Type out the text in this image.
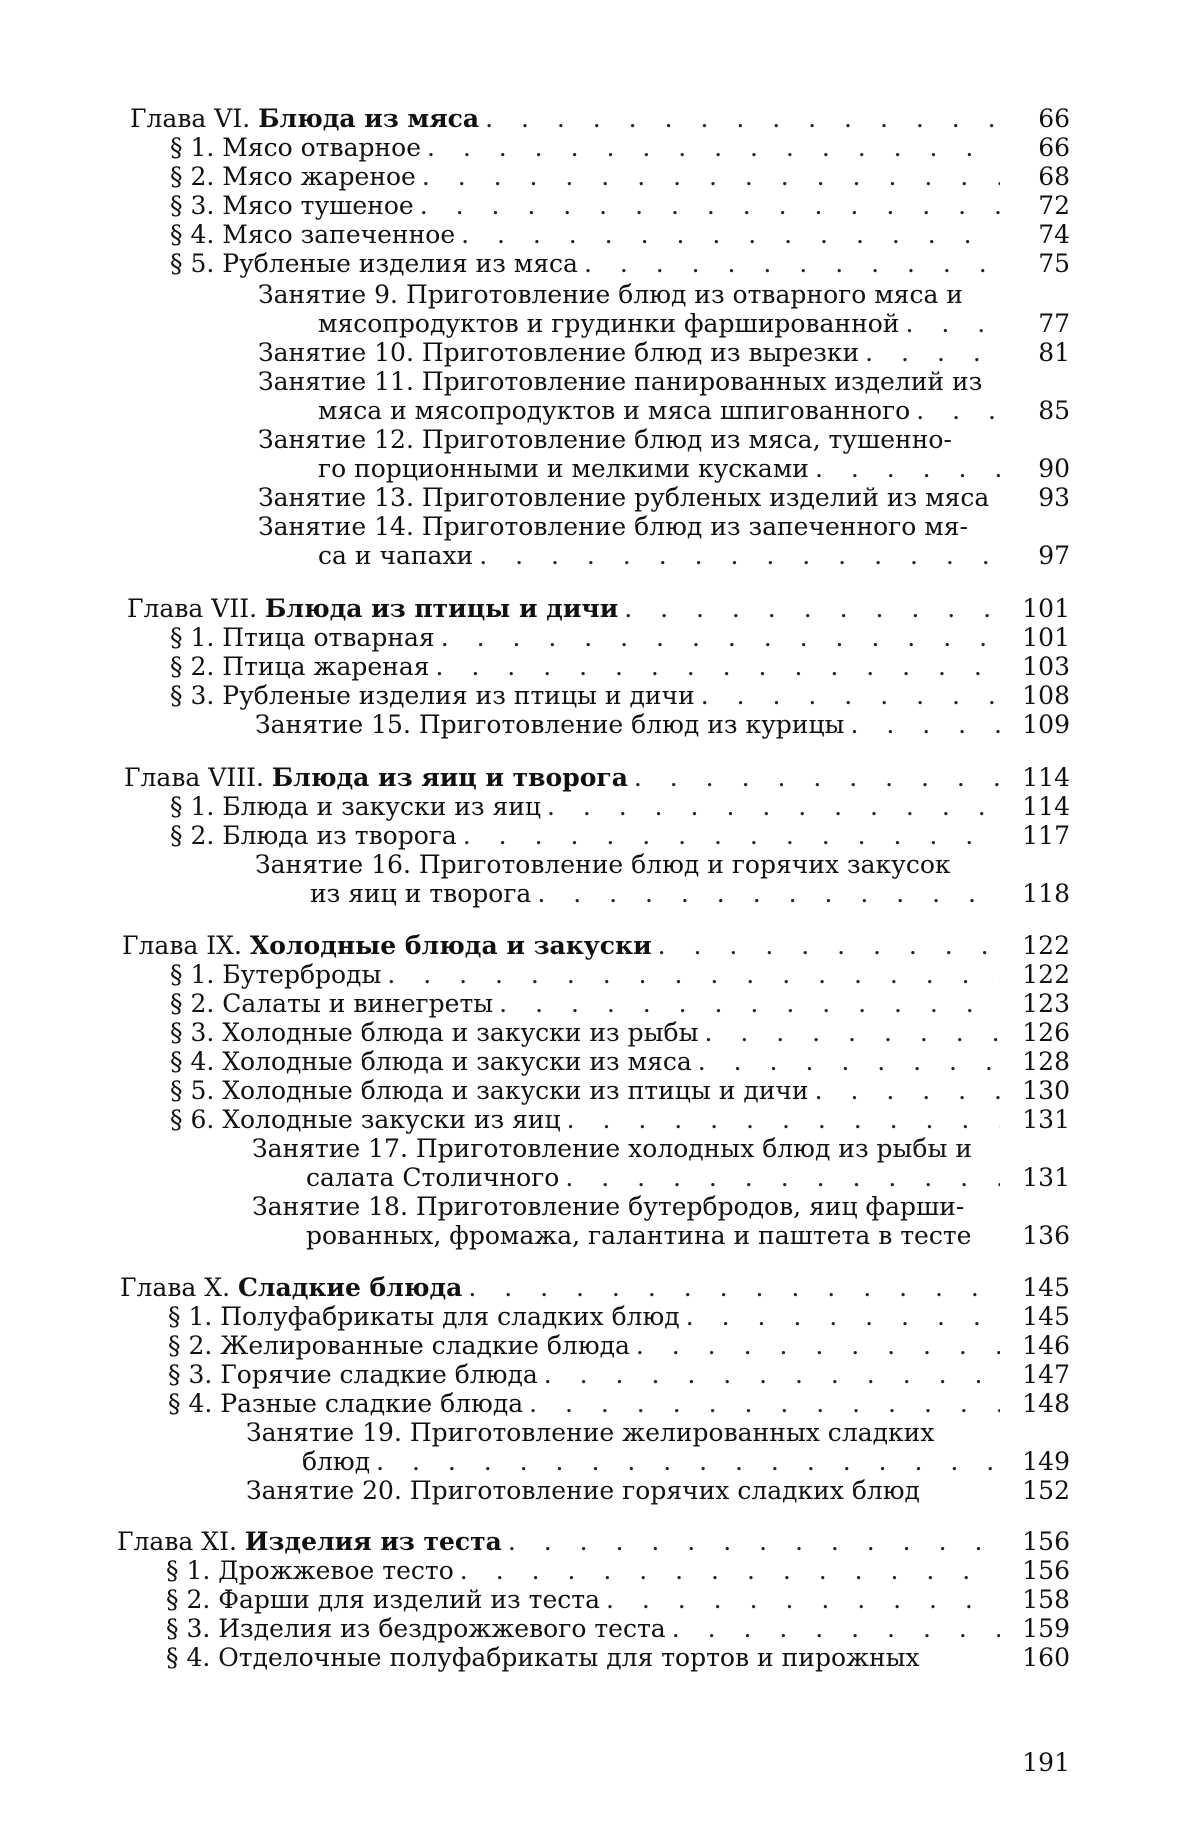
Глава VI.
Блюда из мяса
. . .	66
§ 1. Мясо отварное
. . .	66
§ 2. Мясо жареное
. . .	68
§ 3. Мясо тушеное
. . .	72
§ 4. Мясо запеченное
. . .	74
§ 5. Рубленые изделия из мяса
. . .	75
Занятие 9. Приготовление блюд из отварного мяса и
мясопродуктов и грудинки фаршированной
. . .	77
Занятие 10. Приготовление блюд из вырезки
. . .	81
Занятие 11. Приготовление панированных изделий из
мяса и мясопродуктов и мяса шпигованного
. . .	85
Занятие 12. Приготовление блюд из мяса, тушенно-
го порционными и мелкими кусками
. . .	90
Занятие 13. Приготовление рубленых изделий из мяса	93
Занятие 14. Приготовление блюд из запеченного мя-
са и чапахи
. . .	97
Глава VII.
Блюда из птицы и дичи
. . .	101
§ 1. Птица отварная
. . .	101
§ 2. Птица жареная
. . .	103
§ 3. Рубленые изделия из птицы и дичи
. . .	108
Занятие 15. Приготовление блюд из курицы
. . .	109
Глава VIII.
Блюда из яиц и творога
. . .	114
§ 1. Блюда и закуски из яиц
. . .	114
§ 2. Блюда из творога
. . .	117
Занятие 16. Приготовление блюд и горячих закусок
из яиц и творога
. . .	118
Глава IX.
Холодные блюда и закуски
. . .	122
§ 1. Бутерброды
. . .	122
§ 2. Салаты и винегреты
. . .	123
§ 3. Холодные блюда и закуски из рыбы
. . .	126
§ 4. Холодные блюда и закуски из мяса
. . .	128
§ 5. Холодные блюда и закуски из птицы и дичи
. . .	130
§ 6. Холодные закуски из яиц
. . .	131
Занятие 17. Приготовление холодных блюд из рыбы и
салата Столичного
. . .	131
Занятие 18. Приготовление бутербродов, яиц фарши-
рованных, фромажа, галантина и паштета в тесте	136
Глава X.
Сладкие блюда
. . .	145
§ 1. Полуфабрикаты для сладких блюд
. . .	145
§ 2. Желированные сладкие блюда
. . .	146
§ 3. Горячие сладкие блюда
. . .	147
§ 4. Разные сладкие блюда
. . .	148
Занятие 19. Приготовление желированных сладких
блюд
. . .	149
Занятие 20. Приготовление горячих сладких блюд	152
Глава XI.
Изделия из теста
. . .	156
§ 1. Дрожжевое тесто
. . .	156
§ 2. Фарши для изделий из теста
. . .	158
§ 3. Изделия из бездрожжевого теста
. . .	159
§ 4. Отделочные полуфабрикаты для тортов и пирожных	160
191
